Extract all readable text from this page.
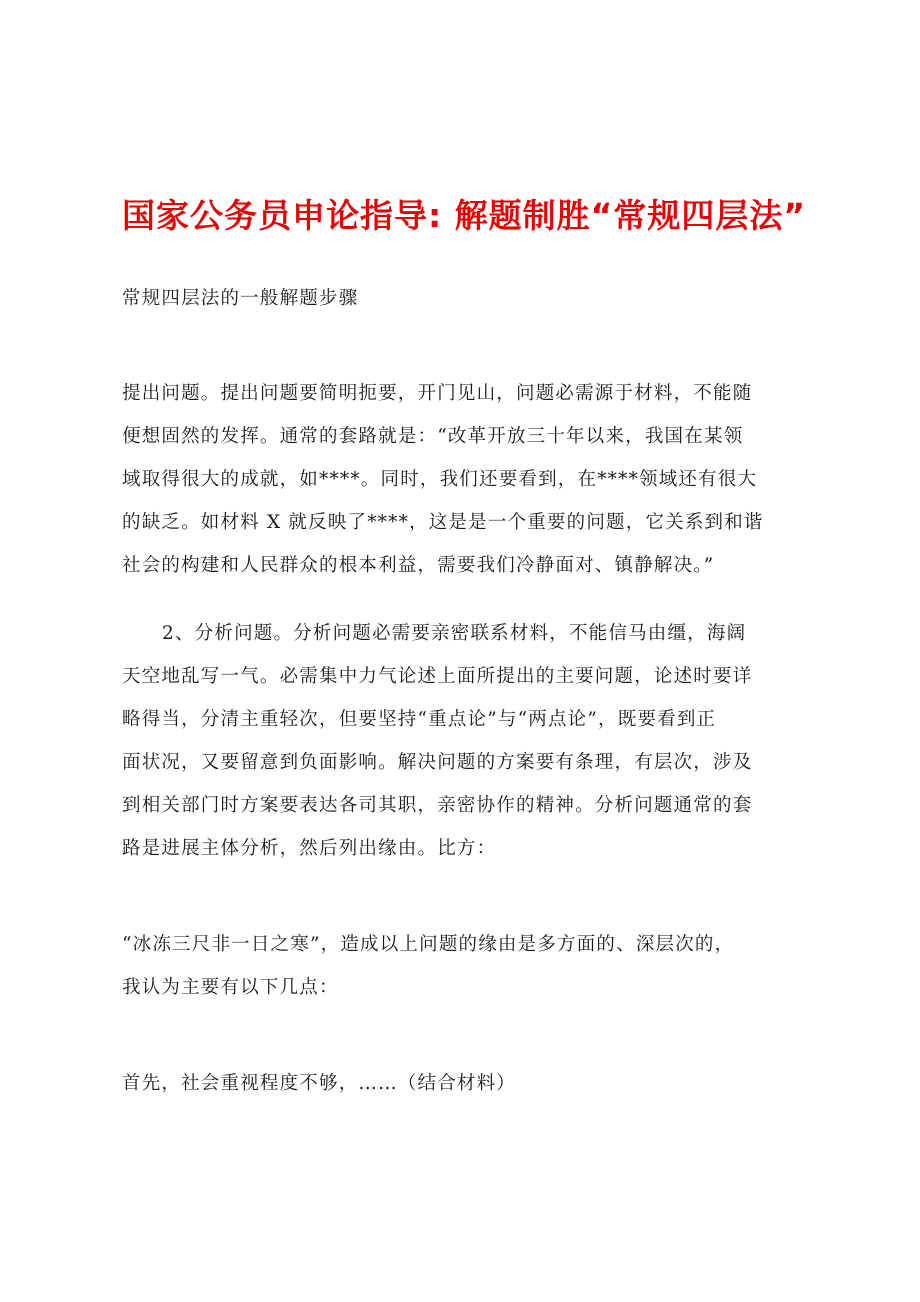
国家公务员申论指导: 解题制胜“常规四层法”
常规四层法的一般解题步骤
提出问题。提出问题要简明扼要，开门见山，问题必需源于材料，不能随
便想固然的发挥。通常的套路就是：“改革开放三十年以来，我国在某领
域取得很大的成就，如****。同时，我们还要看到，在****领域还有很大
的缺乏。如材料 X 就反映了****，这是是一个重要的问题，它关系到和谐
社会的构建和人民群众的根本利益，需要我们冷静面对、镇静解决。”
2、分析问题。分析问题必需要亲密联系材料，不能信马由缰，海阔
天空地乱写一气。必需集中力气论述上面所提出的主要问题，论述时要详
略得当，分清主重轻次，但要坚持“重点论”与“两点论”，既要看到正
面状况，又要留意到负面影响。解决问题的方案要有条理，有层次，涉及
到相关部门时方案要表达各司其职，亲密协作的精神。分析问题通常的套
路是进展主体分析，然后列出缘由。比方：
“冰冻三尺非一日之寒”，造成以上问题的缘由是多方面的、深层次的，
我认为主要有以下几点：
首先，社会重视程度不够，……（结合材料）
